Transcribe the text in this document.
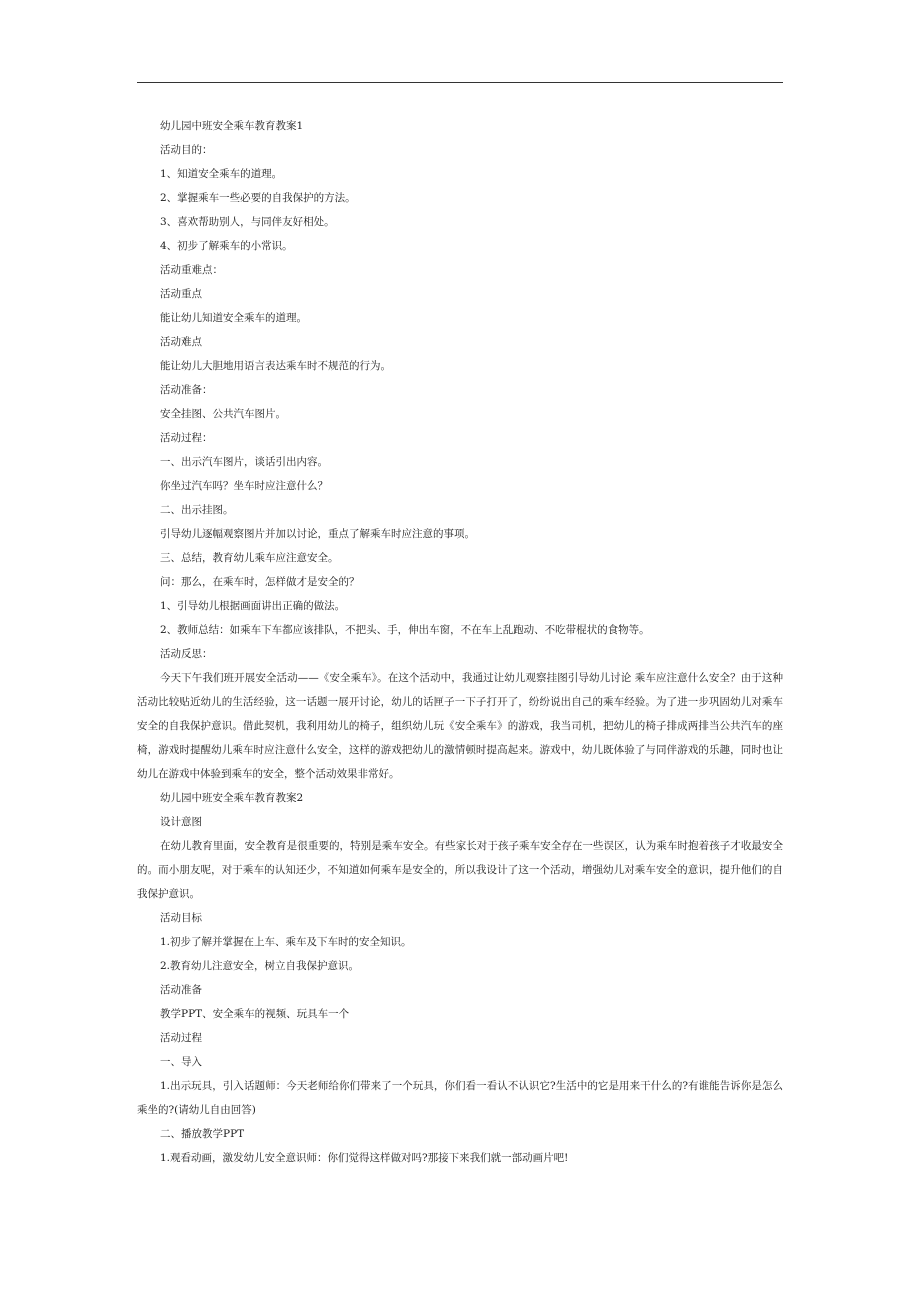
幼儿园中班安全乘车教育教案1
活动目的：
1、知道安全乘车的道理。
2、掌握乘车一些必要的自我保护的方法。
3、喜欢帮助别人，与同伴友好相处。
4、初步了解乘车的小常识。
活动重难点：
活动重点
能让幼儿知道安全乘车的道理。
活动难点
能让幼儿大胆地用语言表达乘车时不规范的行为。
活动准备：
安全挂图、公共汽车图片。
活动过程：
一、出示汽车图片，谈话引出内容。
你坐过汽车吗？坐车时应注意什么？
二、出示挂图。
引导幼儿逐幅观察图片并加以讨论，重点了解乘车时应注意的事项。
三、总结，教育幼儿乘车应注意安全。
问：那么，在乘车时，怎样做才是安全的？
1、引导幼儿根据画面讲出正确的做法。
2、教师总结：如乘车下车都应该排队，不把头、手，伸出车窗，不在车上乱跑动、不吃带棍状的食物等。
活动反思：

今天下午我们班开展安全活动——《安全乘车》。在这个活动中，我通过让幼儿观察挂图引导幼儿讨论 乘车应注意什么安全？由于这种活动比较贴近幼儿的生活经验，这一话题一展开讨论，幼儿的话匣子一下子打开了，纷纷说出自己的乘车经验。为了进一步巩固幼儿对乘车安全的自我保护意识。借此契机，我利用幼儿的椅子，组织幼儿玩《安全乘车》的游戏，我当司机，把幼儿的椅子排成两排当公共汽车的座椅，游戏时提醒幼儿乘车时应注意什么安全，这样的游戏把幼儿的激情顿时提高起来。游戏中，幼儿既体验了与同伴游戏的乐趣，同时也让幼儿在游戏中体验到乘车的安全，整个活动效果非常好。

幼儿园中班安全乘车教育教案2
设计意图

在幼儿教育里面，安全教育是很重要的，特别是乘车安全。有些家长对于孩子乘车安全存在一些误区，认为乘车时抱着孩子才收最安全的。而小朋友呢，对于乘车的认知还少，不知道如何乘车是安全的，所以我设计了这一个活动，增强幼儿对乘车安全的意识，提升他们的自我保护意识。

活动目标
1.初步了解并掌握在上车、乘车及下车时的安全知识。
2.教育幼儿注意安全，树立自我保护意识。
活动准备
教学PPT、安全乘车的视频、玩具车一个
活动过程
一、导入

1.出示玩具，引入话题师：今天老师给你们带来了一个玩具，你们看一看认不认识它?生活中的它是用来干什么的?有谁能告诉你是怎么乘坐的?(请幼儿自由回答)

二、播放教学PPT
1.观看动画，激发幼儿安全意识师：你们觉得这样做对吗?那接下来我们就一部动画片吧!
